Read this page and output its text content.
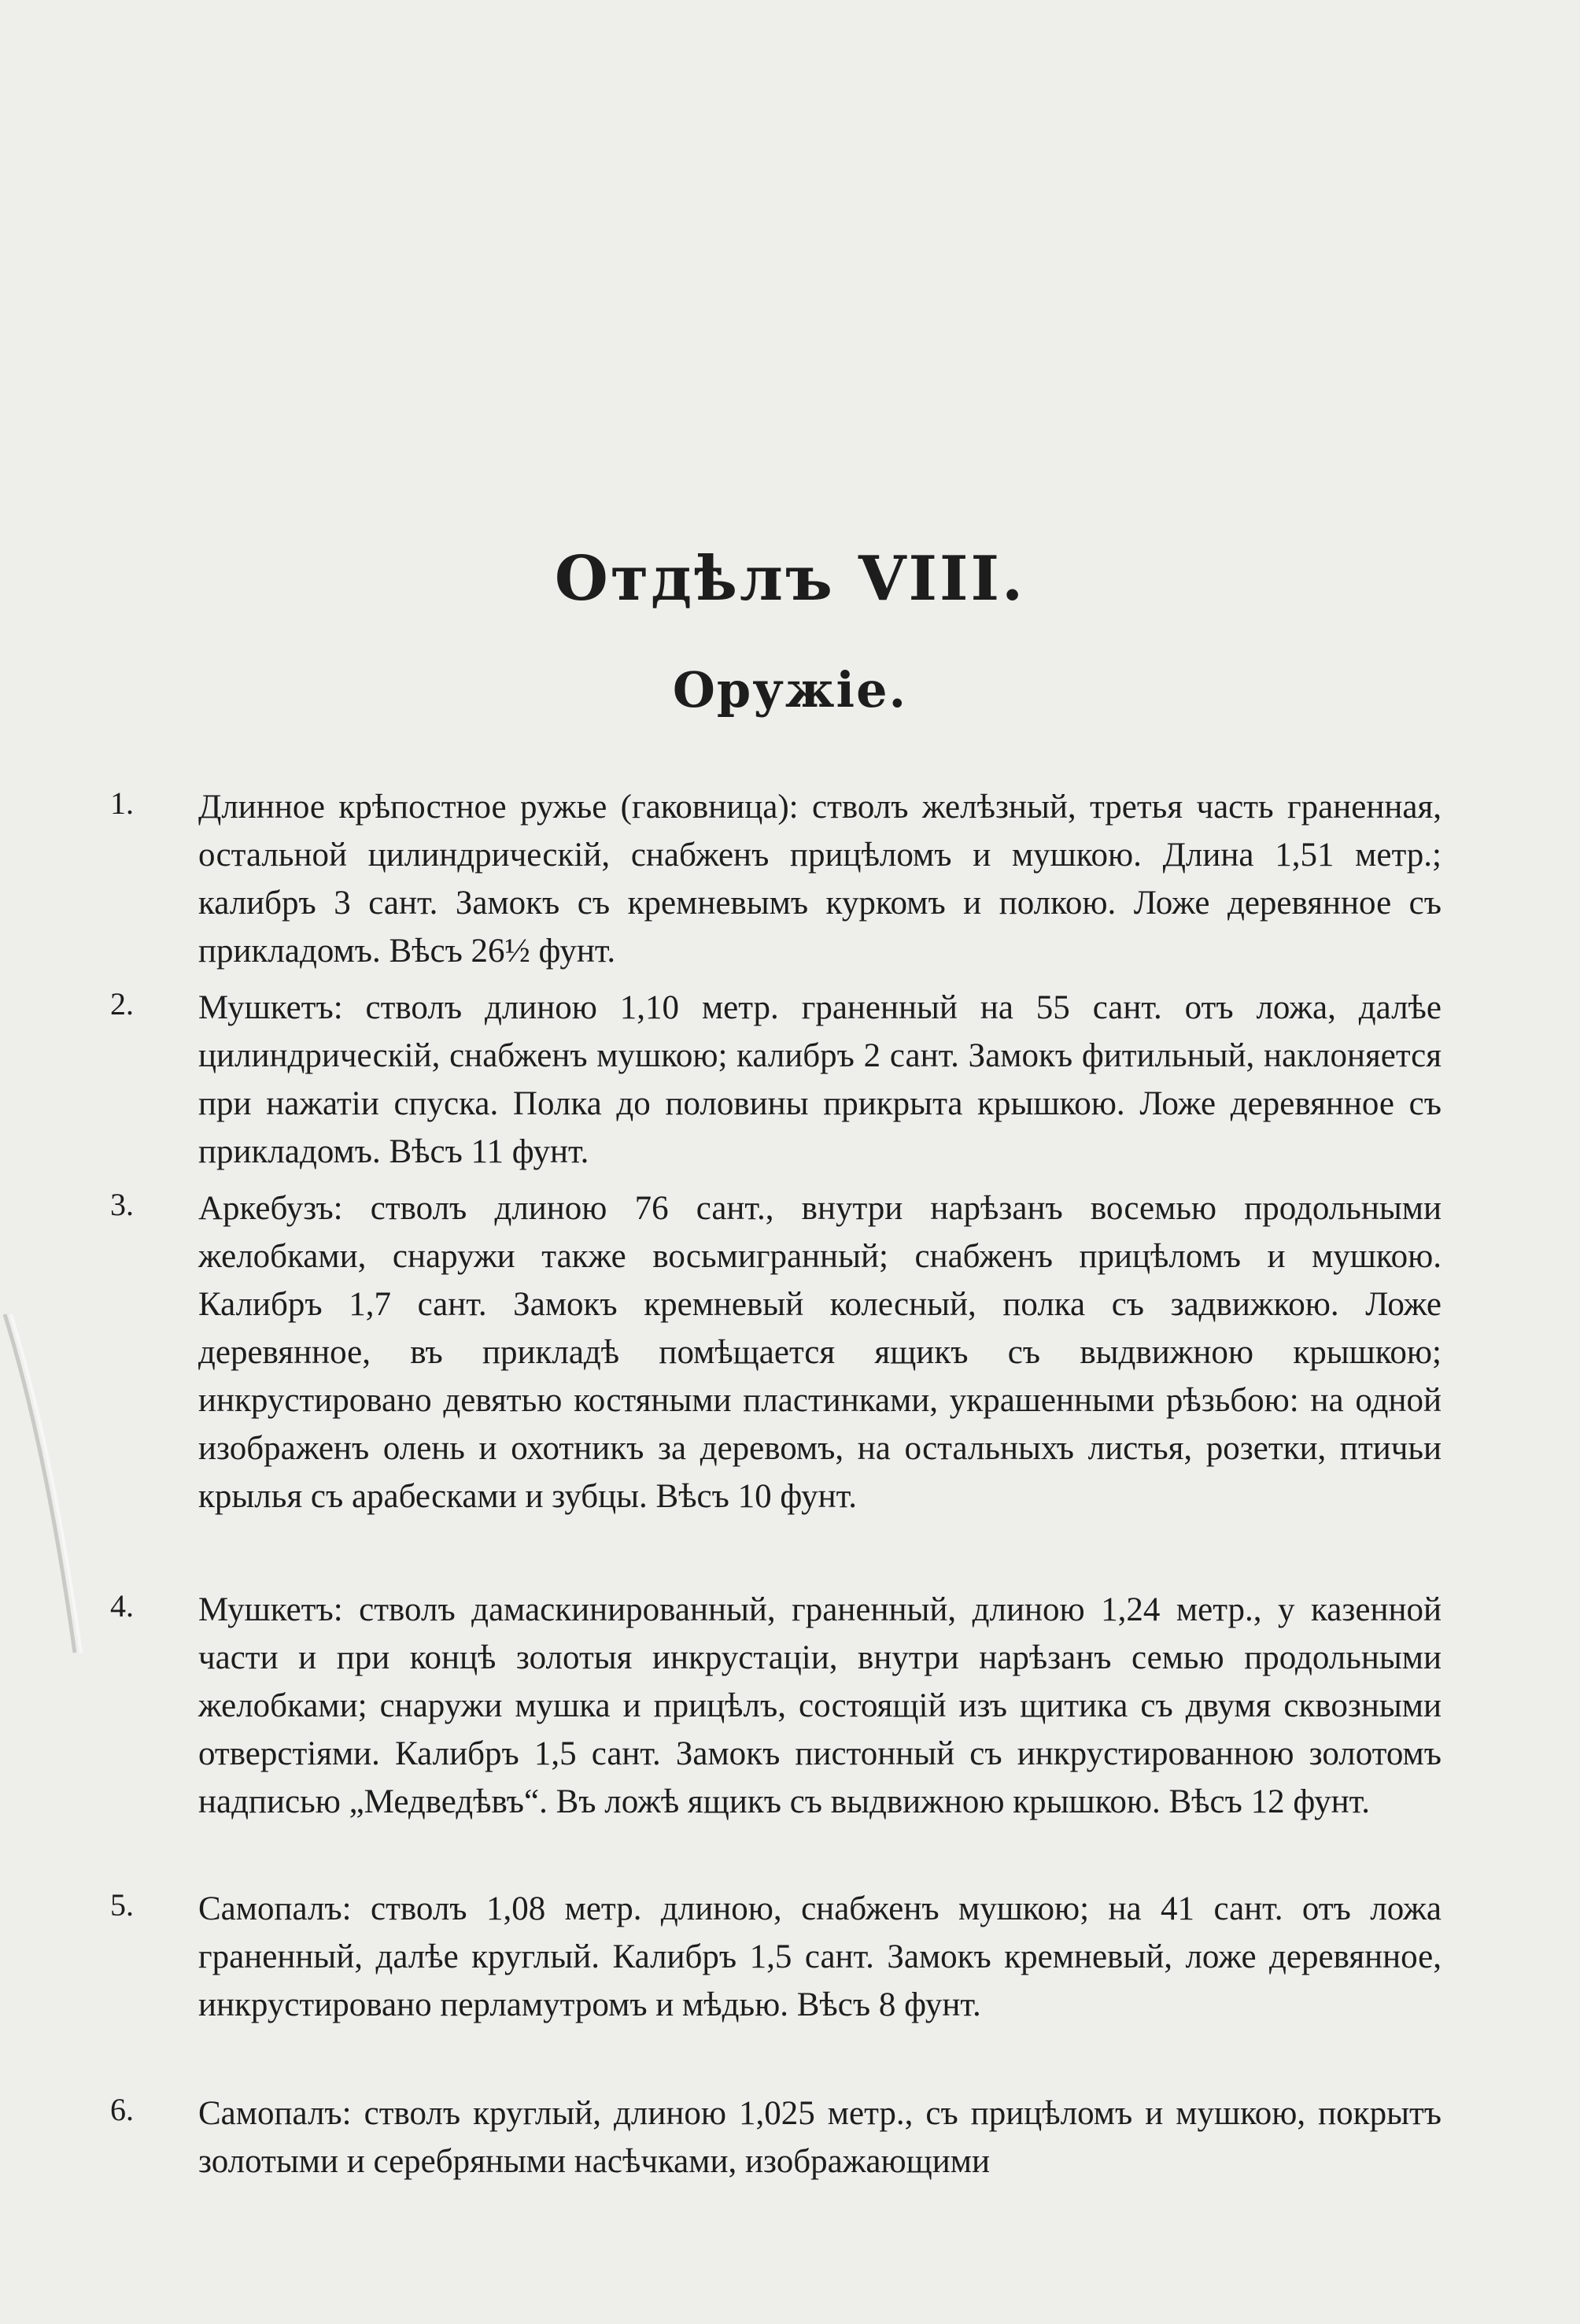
Отдѣлъ VIII.
Оружіе.
1.	Длинное крѣпостное ружье (гаковница): стволъ желѣзный, третья часть граненная, остальной цилиндрическій, снабженъ прицѣломъ и мушкою. Длина 1,51 метр.; калибръ 3 сант. Замокъ съ кремневымъ куркомъ и полкою. Ложе деревянное съ прикладомъ. Вѣсъ 26½ фунт.
2.	Мушкетъ: стволъ длиною 1,10 метр. граненный на 55 сант. отъ ложа, далѣе цилиндрическій, снабженъ мушкою; калибръ 2 сант. Замокъ фитильный, наклоняется при нажатіи спуска. Полка до половины прикрыта крышкою. Ложе деревянное съ прикладомъ. Вѣсъ 11 фунт.
3.	Аркебузъ: стволъ длиною 76 сант., внутри нарѣзанъ восемью продольными желобками, снаружи также восьмигранный; снабженъ прицѣломъ и мушкою. Калибръ 1,7 сант. Замокъ кремневый колесный, полка съ задвижкою. Ложе деревянное, въ прикладѣ помѣщается ящикъ съ выдвижною крышкою; инкрустировано девятью костяными пластинками, украшенными рѣзьбою: на одной изображенъ олень и охотникъ за деревомъ, на остальныхъ листья, розетки, птичьи крылья съ арабесками и зубцы. Вѣсъ 10 фунт.
4.	Мушкетъ: стволъ дамаскинированный, граненный, длиною 1,24 метр., у казенной части и при концѣ золотыя инкрустаціи, внутри нарѣзанъ семью продольными желобками; снаружи мушка и прицѣлъ, состоящій изъ щитика съ двумя сквозными отверстіями. Калибръ 1,5 сант. Замокъ пистонный съ инкрустированною золотомъ надписью „Медведѣвъ“. Въ ложѣ ящикъ съ выдвижною крышкою. Вѣсъ 12 фунт.
5.	Самопалъ: стволъ 1,08 метр. длиною, снабженъ мушкою; на 41 сант. отъ ложа граненный, далѣе круглый. Калибръ 1,5 сант. Замокъ кремневый, ложе деревянное, инкрустировано перламутромъ и мѣдью. Вѣсъ 8 фунт.
6.	Самопалъ: стволъ круглый, длиною 1,025 метр., съ прицѣломъ и мушкою, покрытъ золотыми и серебряными насѣчками, изображающими
